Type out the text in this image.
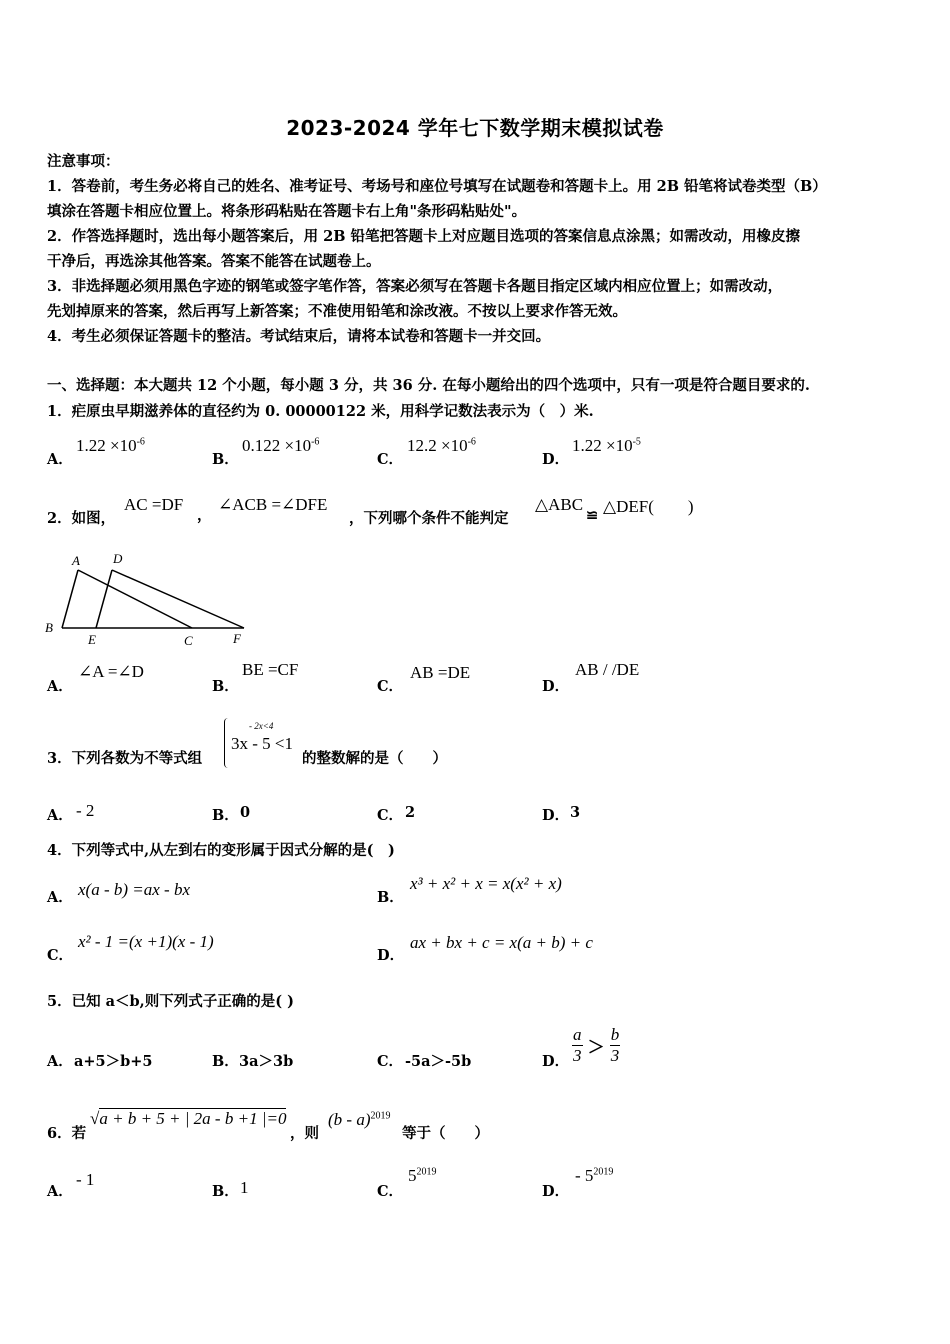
2023-2024 学年七下数学期末模拟试卷
注意事项：
1．答卷前，考生务必将自己的姓名、准考证号、考场号和座位号填写在试题卷和答题卡上。用 2B 铅笔将试卷类型（B）
填涂在答题卡相应位置上。将条形码粘贴在答题卡右上角"条形码粘贴处"。
2．作答选择题时，选出每小题答案后，用 2B 铅笔把答题卡上对应题目选项的答案信息点涂黑；如需改动，用橡皮擦
干净后，再选涂其他答案。答案不能答在试题卷上。
3．非选择题必须用黑色字迹的钢笔或签字笔作答，答案必须写在答题卡各题目指定区域内相应位置上；如需改动，
先划掉原来的答案，然后再写上新答案；不准使用铅笔和涂改液。不按以上要求作答无效。
4．考生必须保证答题卡的整洁。考试结束后，请将本试卷和答题卡一并交回。
一、选择题：本大题共 12 个小题，每小题 3 分，共 36 分. 在每小题给出的四个选项中，只有一项是符合题目要求的.
1．疟原虫早期滋养体的直径约为 0. 00000122 米，用科学记数法表示为（　）米.
A．
$1.22 \times 10^{-6}$
B．
$0.122 \times 10^{-6}$
C．
$12.2 \times 10^{-6}$
D．
$1.22 \times 10^{-5}$
2．如图，
AC =DF
，
∠ACB =∠DFE
，下列哪个条件不能判定
△ABC
≌ △DEF(　　)
A	D
B
E	C	F
A．
∠A =∠D
B．
BE =CF
C．
AB =DE
D．
AB / /DE
3．下列各数为不等式组
- 2x<4
3x - 5 <1
的整数解的是（　　）
A． - 2	B． 0	C． 2	D． 3
4．下列等式中,从左到右的变形属于因式分解的是(　)
A． x(a - b) =ax - bx	B．
x³ + x² + x = x(x² + x)
C．
x² - 1 =(x +1)(x - 1)
D．
ax + bx + c = x(a + b) + c
5．已知 a＜b,则下列式子正确的是( )
A． a+5＞b+5	B． 3a＞3b	C． -5a＞-5b	D． $\frac{a}{3} > \frac{b}{3}$
6．若
√a + b + 5 + | 2a - b +1 |=0
，则
(b - a)$^{2019}$
等于（　　）
A．
- 1
B． 1	C．
$5^{2019}$
D．
- $5^{2019}$
